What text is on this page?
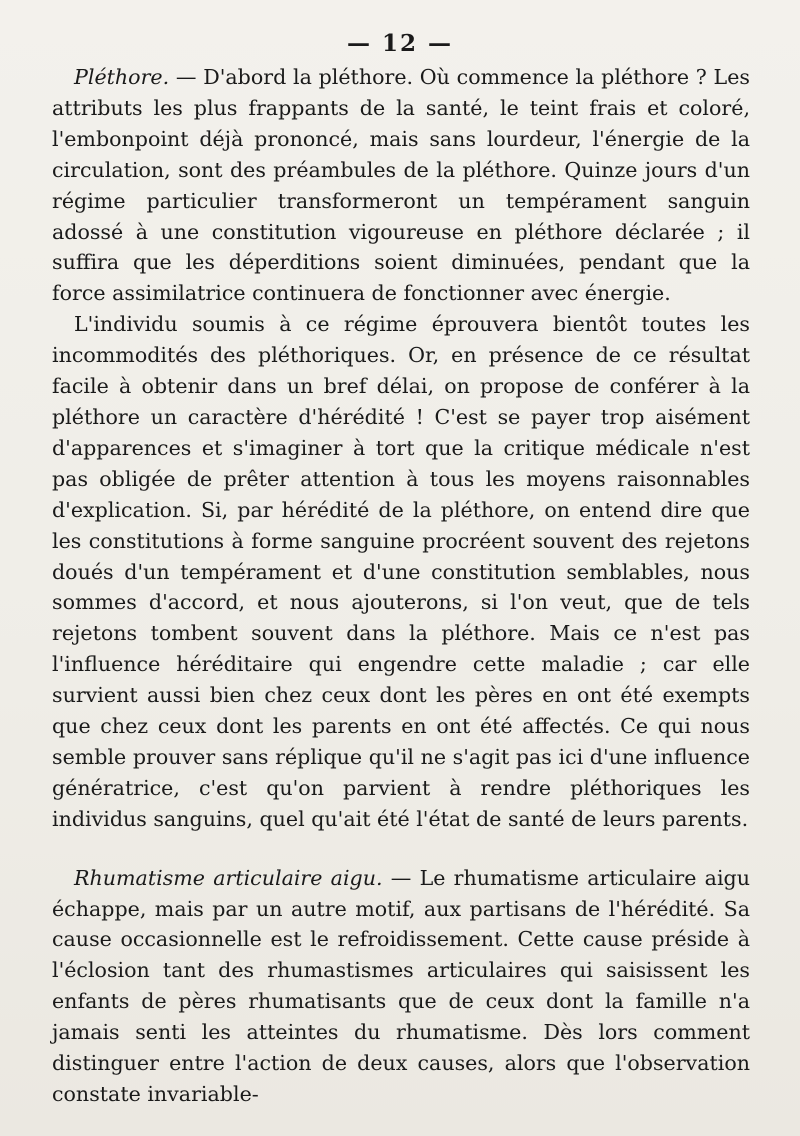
— 12 —

Pléthore. — D'abord la pléthore. Où commence la pléthore ? Les attributs les plus frappants de la santé, le teint frais et coloré, l'embonpoint déjà prononcé, mais sans lourdeur, l'énergie de la circulation, sont des préambules de la pléthore. Quinze jours d'un régime particulier transformeront un tempérament sanguin adossé à une constitution vigoureuse en pléthore déclarée ; il suffira que les déperditions soient diminuées, pendant que la force assimilatrice continuera de fonctionner avec énergie.

L'individu soumis à ce régime éprouvera bientôt toutes les incommodités des pléthoriques. Or, en présence de ce résultat facile à obtenir dans un bref délai, on propose de conférer à la pléthore un caractère d'hérédité ! C'est se payer trop aisément d'apparences et s'imaginer à tort que la critique médicale n'est pas obligée de prêter attention à tous les moyens raisonnables d'explication. Si, par hérédité de la pléthore, on entend dire que les constitutions à forme sanguine procréent souvent des rejetons doués d'un tempérament et d'une constitution semblables, nous sommes d'accord, et nous ajouterons, si l'on veut, que de tels rejetons tombent souvent dans la pléthore. Mais ce n'est pas l'influence héréditaire qui engendre cette maladie ; car elle survient aussi bien chez ceux dont les pères en ont été exempts que chez ceux dont les parents en ont été affectés. Ce qui nous semble prouver sans réplique qu'il ne s'agit pas ici d'une influence génératrice, c'est qu'on parvient à rendre pléthoriques les individus sanguins, quel qu'ait été l'état de santé de leurs parents.

Rhumatisme articulaire aigu. — Le rhumatisme articulaire aigu échappe, mais par un autre motif, aux partisans de l'hérédité. Sa cause occasionnelle est le refroidissement. Cette cause préside à l'éclosion tant des rhumastismes articulaires qui saisissent les enfants de pères rhumatisants que de ceux dont la famille n'a jamais senti les atteintes du rhumatisme. Dès lors comment distinguer entre l'action de deux causes, alors que l'observation constate invariable-
